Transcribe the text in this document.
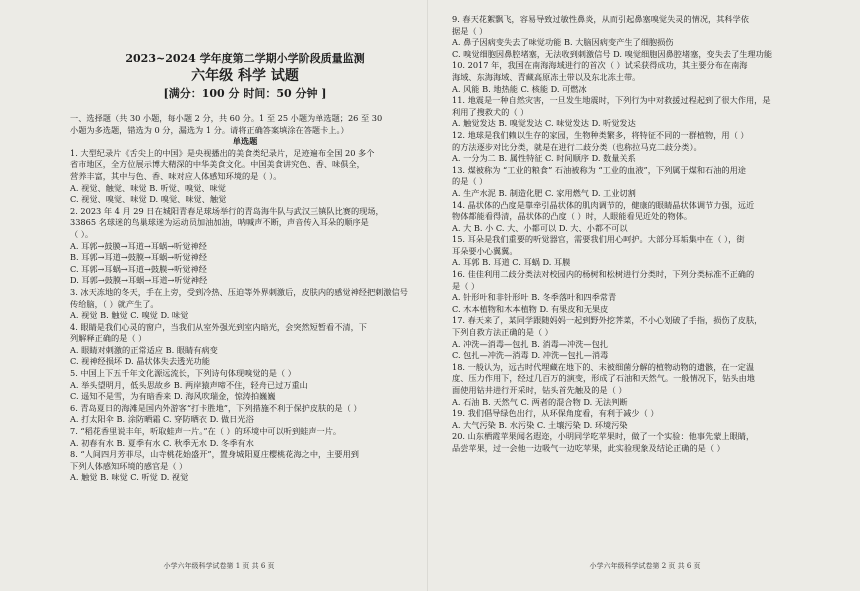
2023~2024 学年度第二学期小学阶段质量监测
六年级 科学 试题
[满分：100 分 时间：50 分钟 ]

一、选择题（共 30 小题，每小题 2 分，共 60 分。1 至 25 小题为单选题；26 至 30

小题为多选题，错选为 0 分，漏选为 1 分。请将正确答案填涂在答题卡上。）

单选题

1. 大型纪录片《舌尖上的中国》是央视播出的美食类纪录片，足迹遍布全国 20 多个

省市地区，全方位展示博大精深的中华美食文化。中国美食讲究色、香、味俱全，

营养丰富，其中与色、香、味对应人体感知环境的是（ ）。

A. 视觉、触觉、味觉 B. 听觉、嗅觉、味觉

C. 视觉、嗅觉、味觉 D. 嗅觉、味觉、触觉

2. 2023 年 4 月 29 日在城阳青春足球场举行的青岛海牛队与武汉三镇队比赛的现场，

33865 名球迷的鸟巢球迷为运动员加油加油，呐喊声不断，声音传入耳朵的顺序是

（ ）。

A. 耳郭→鼓膜→耳道→耳蜗→听觉神经

B. 耳郭→耳道→鼓膜→耳蜗→听觉神经

C. 耳郭→耳蜗→耳道→鼓膜→听觉神经

D. 耳郭→鼓膜→耳蜗→耳道→听觉神经

3. 冰天冻地的冬天，手在上旁，受到冷热、压迫等外界刺激后，皮肤内的感觉神经把刺激信号

传给脑，（ ）就产生了。

A. 视觉 B. 触觉 C. 嗅觉 D. 味觉

4. 眼睛是我们心灵的窗户，当我们从室外强光到室内暗光，会突然短暂看不清，下

列解释正确的是（ ）

A. 眼睛对刺激的正常适应 B. 眼睛有病变

C. 视神经损坏 D. 晶状体失去透光功能

5. 中国上下五千年文化源远流长，下列诗句体现嗅觉的是（ ）

A. 举头望明月，低头思故乡 B. 两岸猿声啼不住，轻舟已过万重山

C. 遥知不是雪，为有暗香来 D. 海风吹瑞金，惊涛拍巍巍

6. 青岛夏日的海滩是国内外游客“打卡胜地”，下列措施不利于保护皮肤的是（ ）

A. 打太阳伞 B. 涂防晒霜 C. 穿防晒衣 D. 做日光浴

7. “稻花香里说丰年，听取蛙声一片。”在（ ）的环境中可以听到蛙声一片。

A. 初春有水 B. 夏季有水 C. 秋季无水 D. 冬季有水

8. “人间四月芳菲尽，山寺桃花始盛开”，置身城阳夏庄樱桃花海之中，主要用到

下列人体感知环境的感官是（ ）

A. 触觉 B. 味觉 C. 听觉 D. 视觉

小学六年级科学试卷第 1 页 共 6 页

9. 春天花絮飘飞，容易导致过敏性鼻炎，从而引起鼻塞嗅觉失灵的情况，其科学依

据是（ ）

A. 鼻子因病变失去了味觉功能 B. 大脑因病变产生了细胞损伤

C. 嗅觉细胞因鼻腔堵塞，无法收到刺激信号 D. 嗅觉细胞因鼻腔堵塞，变失去了生理功能

10. 2017 年，我国在南海海域进行的首次（ ）试采获得成功，其主要分布在南海

海域、东海海域、青藏高原冻土带以及东北冻土带。

A. 风能 B. 地热能 C. 核能 D. 可燃冰

11. 地震是一种自然灾害，一旦发生地震时，下列行为中对救援过程起到了很大作用，是

利用了搜救犬的（ ）

A. 触觉发达 B. 嗅觉发达 C. 味觉发达 D. 听觉发达

12. 地球是我们赖以生存的家园，生物种类繁多，将特征不同的一群植物，用（ ）

的方法逐步对比分类，就是在进行二歧分类（也称拉马克二歧分类）。

A. 一分为二 B. 属性特征 C. 时间顺序 D. 数量关系

13. 煤被称为 “工业的粮食” 石油被称为 “工业的血液”，下列属于煤和石油的用途

的是（ ）

A. 生产水泥 B. 制造化肥 C. 家用燃气 D. 工业切割

14. 晶状体的凸度是靠牵引晶状体的肌肉调节的，健康的眼睛晶状体调节力强，远近

物体都能看得清，晶状体的凸度（ ）时，人眼能看见近处的物体。

A. 大 B. 小 C. 大、小都可以 D. 大、小都不可以

15. 耳朵是我们重要的听觉器官，需要我们用心呵护。大部分耳垢集中在（ ），街

耳朵要小心翼翼。

A. 耳郭 B. 耳道 C. 耳蜗 D. 耳膜

16. 佳佳利用二歧分类法对校园内的杨树和松树进行分类时，下列分类标准不正确的

是（ ）

A. 针形叶和非针形叶 B. 冬季落叶和四季常青

C. 木本植物和木本植物 D. 有果皮和无果皮

17. 春天来了，某同学跟随妈妈一起到野外挖荠菜，不小心划破了手指，损伤了皮肤，

下列自救方法正确的是（ ）

A. 冲洗—消毒—包扎 B. 消毒—冲洗—包扎

C. 包扎—冲洗—消毒 D. 冲洗—包扎—消毒

18. 一般认为，远古时代埋藏在地下的、未被细菌分解的植物动物的遗骸，在一定温

度、压力作用下，经过几百万的演变，形成了石油和天然气。一般情况下，钻头由地

面使用钻井进行开采时，钻头首先触及的是（ ）

A. 石油 B. 天然气 C. 两者的混合物 D. 无法判断

19. 我们倡导绿色出行，从环保角度看，有利于减少（ ）

A. 大气污染 B. 水污染 C. 土壤污染 D. 环境污染

20. 山东栖霞苹果闻名遐迩，小明同学吃苹果时，做了一个实验：他事先蒙上眼睛，

品尝苹果，过一会他一边吸气一边吃苹果，此实验现象及结论正确的是（ ）

小学六年级科学试卷第 2 页 共 6 页
